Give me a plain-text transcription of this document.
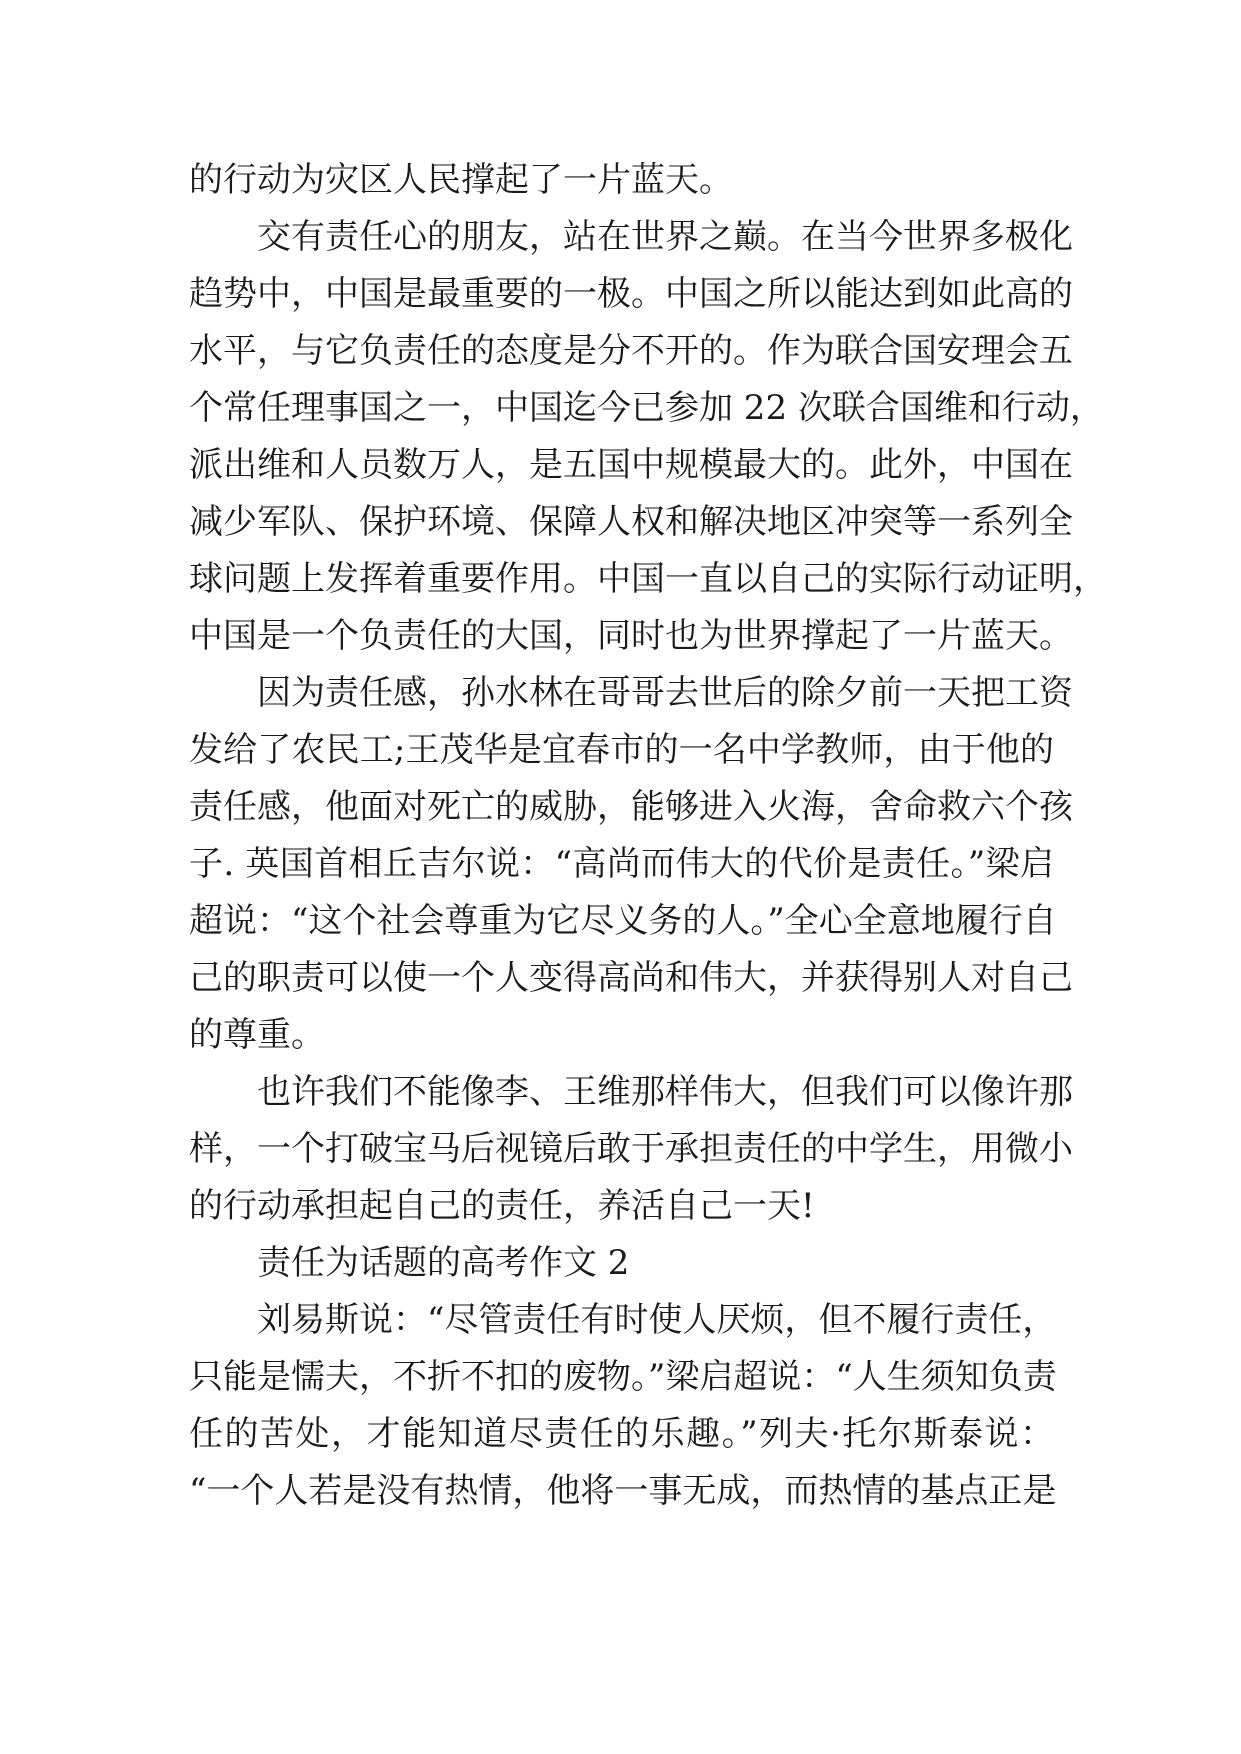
的行动为灾区人民撑起了一片蓝天。
交有责任心的朋友，站在世界之巅。在当今世界多极化
趋势中，中国是最重要的一极。中国之所以能达到如此高的
水平，与它负责任的态度是分不开的。作为联合国安理会五
个常任理事国之一，中国迄今已参加 22 次联合国维和行动，
派出维和人员数万人，是五国中规模最大的。此外，中国在
减少军队、保护环境、保障人权和解决地区冲突等一系列全
球问题上发挥着重要作用。中国一直以自己的实际行动证明，
中国是一个负责任的大国，同时也为世界撑起了一片蓝天。
因为责任感，孙水林在哥哥去世后的除夕前一天把工资
发给了农民工;王茂华是宜春市的一名中学教师，由于他的
责任感，他面对死亡的威胁，能够进入火海，舍命救六个孩
子. 英国首相丘吉尔说：“高尚而伟大的代价是责任。”梁启
超说：“这个社会尊重为它尽义务的人。”全心全意地履行自
己的职责可以使一个人变得高尚和伟大，并获得别人对自己
的尊重。
也许我们不能像李、王维那样伟大，但我们可以像许那
样，一个打破宝马后视镜后敢于承担责任的中学生，用微小
的行动承担起自己的责任，养活自己一天!
责任为话题的高考作文 2
刘易斯说：“尽管责任有时使人厌烦，但不履行责任，
只能是懦夫，不折不扣的废物。”梁启超说：“人生须知负责
任的苦处，才能知道尽责任的乐趣。”列夫·托尔斯泰说：
“一个人若是没有热情，他将一事无成，而热情的基点正是
